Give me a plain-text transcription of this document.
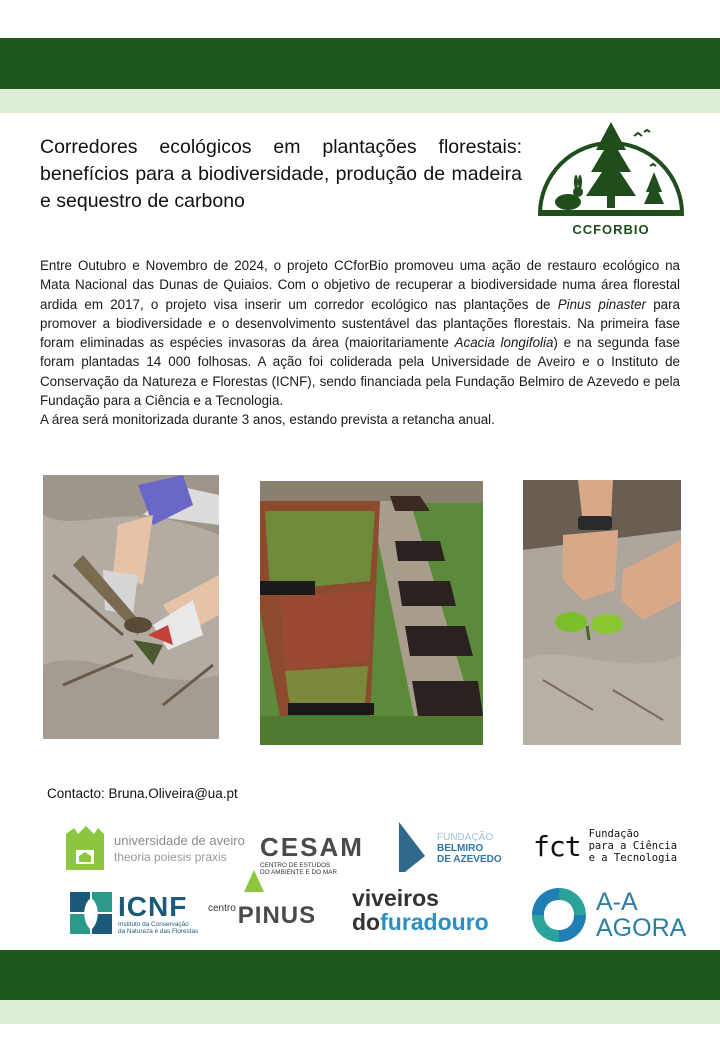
Corredores ecológicos em plantações florestais: benefícios para a biodiversidade, produção de madeira e sequestro de carbono
CCFORBIO

Entre Outubro e Novembro de 2024, o projeto CCforBio promoveu uma ação de restauro ecológico na Mata Nacional das Dunas de Quiaios. Com o objetivo de recuperar a biodiversidade numa área florestal ardida em 2017, o projeto visa inserir um corredor ecológico nas plantações de Pinus pinaster para promover a biodiversidade e o desenvolvimento sustentável das plantações florestais. Na primeira fase foram eliminadas as espécies invasoras da área (maioritariamente Acacia longifolia) e na segunda fase foram plantadas 14 000 folhosas. A ação foi coliderada pela Universidade de Aveiro e o Instituto de Conservação da Natureza e Florestas (ICNF), sendo financiada pela Fundação Belmiro de Azevedo e pela Fundação para a Ciência e a Tecnologia.

A área será monitorizada durante 3 anos, estando prevista a retancha anual.

Contacto: Bruna.Oliveira@ua.pt
universidade de aveiro
theoria poiesis praxis	CESAM
CENTRO DE ESTUDOS DO AMBIENTE E DO MAR
FUNDAÇÃO
BELMIRO
DE AZEVEDO fct Fundação
para a Ciência
e a Tecnologia
ICNF
Instituto da Conservação
da Natureza e das Florestas
centro PINUS
viveiros
dofuradouro
A-A
AGORA
